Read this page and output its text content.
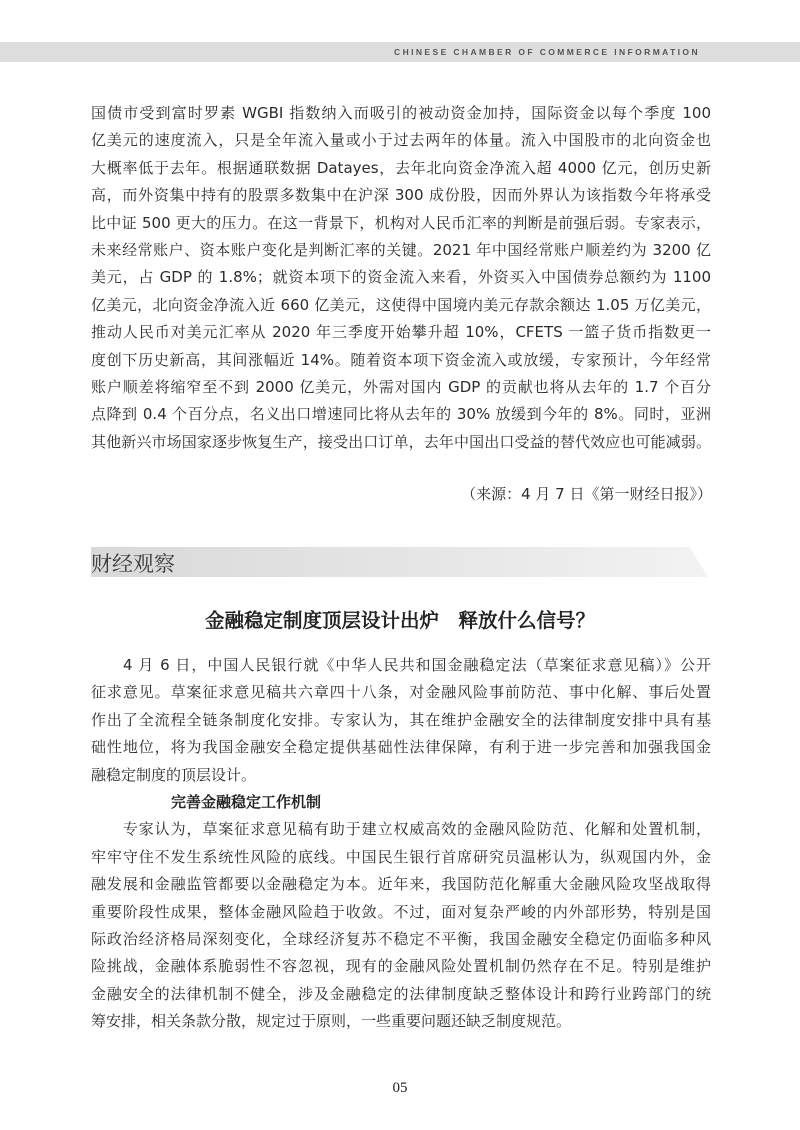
CHINESE CHAMBER OF COMMERCE INFORMATION
国债市受到富时罗素 WGBI 指数纳入而吸引的被动资金加持，国际资金以每个季度 100
亿美元的速度流入，只是全年流入量或小于过去两年的体量。流入中国股市的北向资金也
大概率低于去年。根据通联数据 Datayes，去年北向资金净流入超 4000 亿元，创历史新
高，而外资集中持有的股票多数集中在沪深 300 成份股，因而外界认为该指数今年将承受
比中证 500 更大的压力。在这一背景下，机构对人民币汇率的判断是前强后弱。专家表示，
未来经常账户、资本账户变化是判断汇率的关键。2021 年中国经常账户顺差约为 3200 亿
美元，占 GDP 的 1.8%；就资本项下的资金流入来看，外资买入中国债券总额约为 1100
亿美元，北向资金净流入近 660 亿美元，这使得中国境内美元存款余额达 1.05 万亿美元，
推动人民币对美元汇率从 2020 年三季度开始攀升超 10%，CFETS 一篮子货币指数更一
度创下历史新高，其间涨幅近 14%。随着资本项下资金流入或放缓，专家预计，今年经常
账户顺差将缩窄至不到 2000 亿美元，外需对国内 GDP 的贡献也将从去年的 1.7 个百分
点降到 0.4 个百分点，名义出口增速同比将从去年的 30% 放缓到今年的 8%。同时，亚洲
其他新兴市场国家逐步恢复生产，接受出口订单，去年中国出口受益的替代效应也可能减弱。
（来源：4 月 7 日《第一财经日报》）
财经观察
金融稳定制度顶层设计出炉　释放什么信号？
　　4 月 6 日，中国人民银行就《中华人民共和国金融稳定法（草案征求意见稿）》公开
征求意见。草案征求意见稿共六章四十八条，对金融风险事前防范、事中化解、事后处置
作出了全流程全链条制度化安排。专家认为，其在维护金融安全的法律制度安排中具有基
础性地位，将为我国金融安全稳定提供基础性法律保障，有利于进一步完善和加强我国金
融稳定制度的顶层设计。
完善金融稳定工作机制
　　专家认为，草案征求意见稿有助于建立权威高效的金融风险防范、化解和处置机制，
牢牢守住不发生系统性风险的底线。中国民生银行首席研究员温彬认为，纵观国内外，金
融发展和金融监管都要以金融稳定为本。近年来，我国防范化解重大金融风险攻坚战取得
重要阶段性成果，整体金融风险趋于收敛。不过，面对复杂严峻的内外部形势，特别是国
际政治经济格局深刻变化，全球经济复苏不稳定不平衡，我国金融安全稳定仍面临多种风
险挑战，金融体系脆弱性不容忽视，现有的金融风险处置机制仍然存在不足。特别是维护
金融安全的法律机制不健全，涉及金融稳定的法律制度缺乏整体设计和跨行业跨部门的统
筹安排，相关条款分散，规定过于原则，一些重要问题还缺乏制度规范。
05
